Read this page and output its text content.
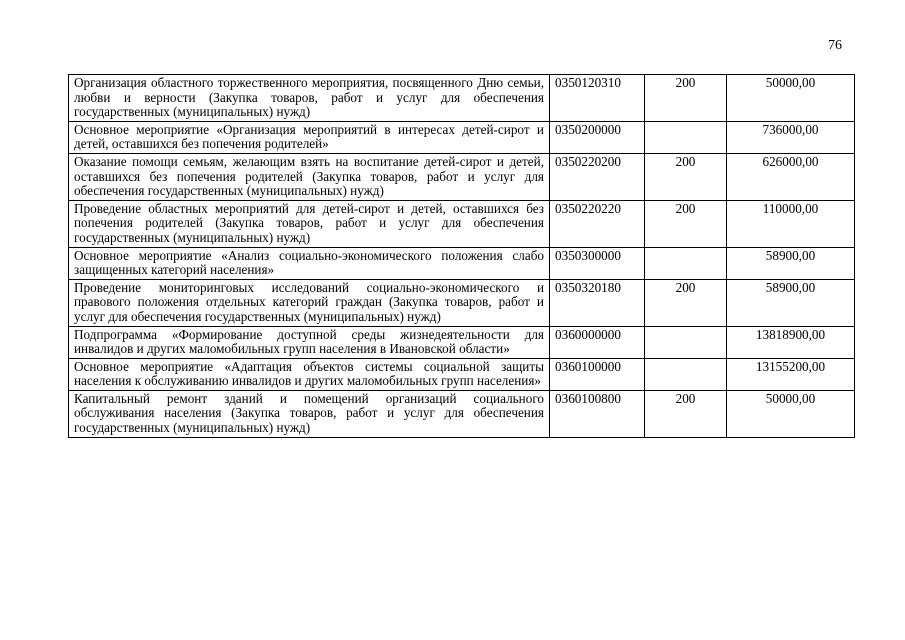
76
Организация областного торжественного мероприятия, посвященного Дню семьи, любви и верности (Закупка товаров, работ и услуг для обеспечения государственных (муниципальных) нужд)	0350120310	200	50000,00
Основное мероприятие «Организация мероприятий в интересах детей-сирот и детей, оставшихся без попечения родителей»	0350200000		736000,00
Оказание помощи семьям, желающим взять на воспитание детей-сирот и детей, оставшихся без попечения родителей (Закупка товаров, работ и услуг для обеспечения государственных (муниципальных) нужд)	0350220200	200	626000,00
Проведение областных мероприятий для детей-сирот и детей, оставшихся без попечения родителей (Закупка товаров, работ и услуг для обеспечения государственных (муниципальных) нужд)	0350220220	200	110000,00
Основное мероприятие «Анализ социально-экономического положения слабо защищенных категорий населения»	0350300000		58900,00
Проведение мониторинговых исследований социально-экономического и правового положения отдельных категорий граждан (Закупка товаров, работ и услуг для обеспечения государственных (муниципальных) нужд)	0350320180	200	58900,00
Подпрограмма «Формирование доступной среды жизнедеятельности для инвалидов и других маломобильных групп населения в Ивановской области»	0360000000		13818900,00
Основное мероприятие «Адаптация объектов системы социальной защиты населения к обслуживанию инвалидов и других маломобильных групп населения»	0360100000		13155200,00
Капитальный ремонт зданий и помещений организаций социального обслуживания населения (Закупка товаров, работ и услуг для обеспечения государственных (муниципальных) нужд)	0360100800	200	50000,00
